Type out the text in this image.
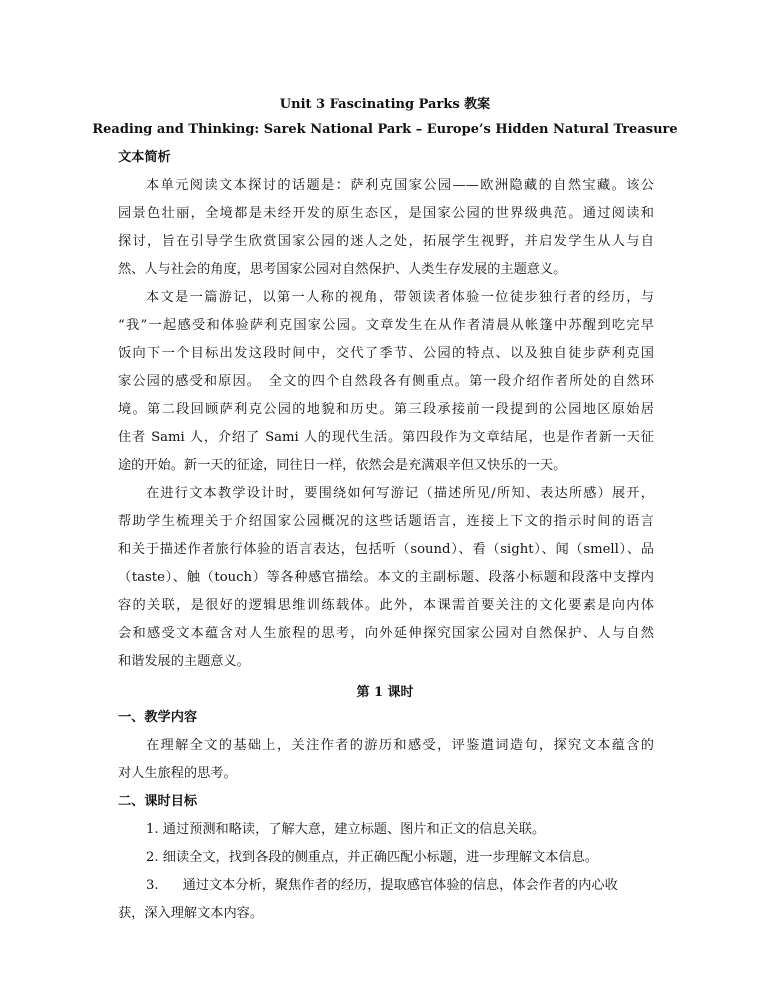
Unit 3 Fascinating Parks 教案
Reading and Thinking: Sarek National Park – Europe’s Hidden Natural Treasure
文本简析
本单元阅读文本探讨的话题是：萨利克国家公园——欧洲隐藏的自然宝藏。该公
园景色壮丽，全境都是未经开发的原生态区，是国家公园的世界级典范。通过阅读和
探讨，旨在引导学生欣赏国家公园的迷人之处，拓展学生视野，并启发学生从人与自
然、人与社会的角度，思考国家公园对自然保护、人类生存发展的主题意义。
本文是一篇游记，以第一人称的视角，带领读者体验一位徒步独行者的经历，与
“我”一起感受和体验萨利克国家公园。文章发生在从作者清晨从帐篷中苏醒到吃完早
饭向下一个目标出发这段时间中，交代了季节、公园的特点、以及独自徒步萨利克国
家公园的感受和原因。　全文的四个自然段各有侧重点。第一段介绍作者所处的自然环
境。第二段回顾萨利克公园的地貌和历史。第三段承接前一段提到的公园地区原始居
住者 Sami 人，介绍了 Sami 人的现代生活。第四段作为文章结尾，也是作者新一天征
途的开始。新一天的征途，同往日一样，依然会是充满艰辛但又快乐的一天。
在进行文本教学设计时，要围绕如何写游记（描述所见/所知、表达所感）展开，
帮助学生梳理关于介绍国家公园概况的这些话题语言，连接上下文的指示时间的语言
和关于描述作者旅行体验的语言表达，包括听（sound）、看（sight）、闻（smell）、品
（taste）、触（touch）等各种感官描绘。本文的主副标题、段落小标题和段落中支撑内
容的关联，是很好的逻辑思维训练载体。此外，本课需首要关注的文化要素是向内体
会和感受文本蕴含对人生旅程的思考，向外延伸探究国家公园对自然保护、人与自然
和谐发展的主题意义。
第 1 课时
一、教学内容
在理解全文的基础上，关注作者的游历和感受，评鉴遣词造句，探究文本蕴含的
对人生旅程的思考。
二、课时目标
1. 通过预测和略读，了解大意，建立标题、图片和正文的信息关联。
2. 细读全文，找到各段的侧重点，并正确匹配小标题，进一步理解文本信息。
3. 通过文本分析，聚焦作者的经历，提取感官体验的信息，体会作者的内心收
获，深入理解文本内容。
